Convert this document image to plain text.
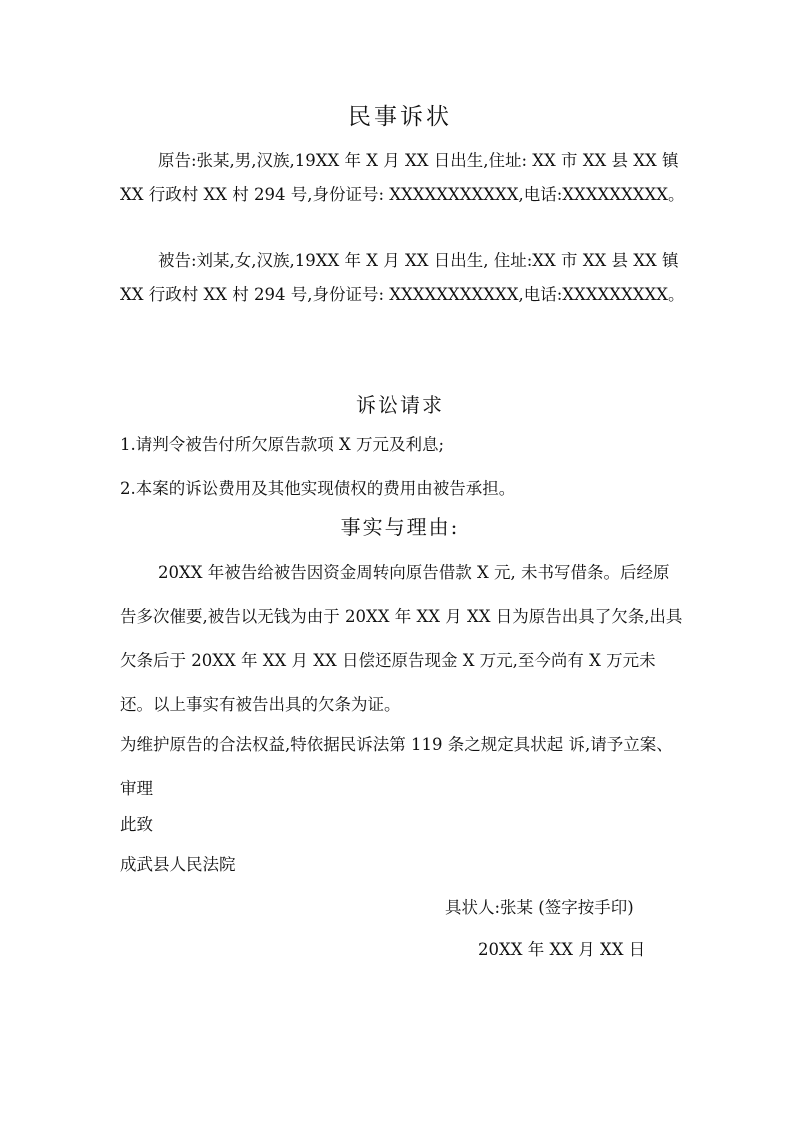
民事诉状

原告:张某,男,汉族,19XX 年 X 月 XX 日出生,住址: XX 市 XX 县 XX 镇 XX 行政村 XX 村 294 号,身份证号: XXXXXXXXXXX,电话:XXXXXXXXX。

被告:刘某,女,汉族,19XX 年 X 月 XX 日出生, 住址:XX 市 XX 县 XX 镇 XX 行政村 XX 村 294 号,身份证号: XXXXXXXXXXX,电话:XXXXXXXXX。

诉讼请求
1.请判令被告付所欠原告款项 X 万元及利息;
2.本案的诉讼费用及其他实现债权的费用由被告承担。
事实与理由:

20XX 年被告给被告因资金周转向原告借款 X 元, 未书写借条。后经原告多次催要,被告以无钱为由于 20XX 年 XX 月 XX 日为原告出具了欠条,出具欠条后于 20XX 年 XX 月 XX 日偿还原告现金 X 万元,至今尚有 X 万元未还。以上事实有被告出具的欠条为证。

为维护原告的合法权益,特依据民诉法第 119 条之规定具状起 诉,请予立案、审理

此致
成武县人民法院
具状人:张某 (签字按手印)
20XX 年 XX 月 XX 日
